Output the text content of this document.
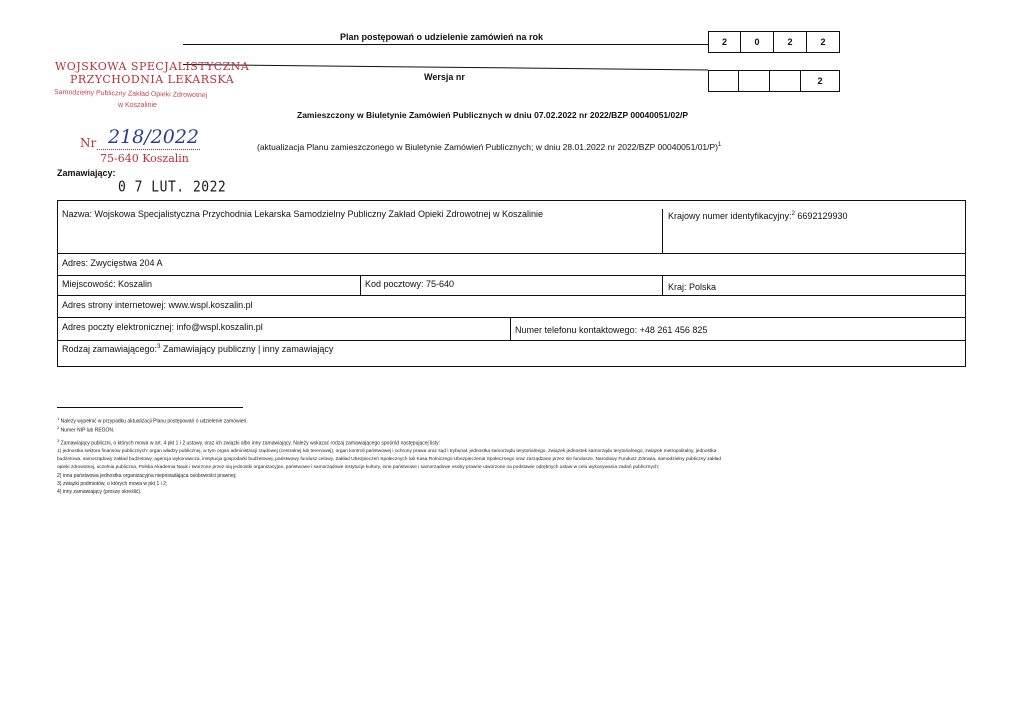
Plan postępowań o udzielenie zamówień na rok	2	0	2	2
Wersja nr	2
Zamieszczony w Biuletynie Zamówień Publicznych w dniu 07.02.2022 nr 2022/BZP 00040051/02/P
(aktualizacja Planu zamieszczonego w Biuletynie Zamówień Publicznych; w dniu 28.01.2022 nr 2022/BZP 00040051/01/P)$^1$
WOJSKOWA SPECJALISTYCZNA
PRZYCHODNIA LEKARSKA
Samodzielny Publiczny Zakład Opieki Zdrowotnej
w Koszalinie
Nr 218/2022
75-640 Koszalin
Zamawiający:
0 7 LUT. 2022
Nazwa: Wojskowa Specjalistyczna Przychodnia Lekarska Samodzielny Publiczny Zakład Opieki Zdrowotnej w Koszalinie	Krajowy numer identyfikacyjny:$^2$ 6692129930
Adres: Zwycięstwa 204 A
Miejscowość: Koszalin	Kod pocztowy: 75-640	Kraj: Polska
Adres strony internetowej: www.wspl.koszalin.pl
Adres poczty elektronicznej: info@wspl.koszalin.pl	Numer telefonu kontaktowego: +48 261 456 825
Rodzaj zamawiającego:$^3$ Zamawiający publiczny | inny zamawiający
$^1$ Należy wypełnić w przypadku aktualizacji Planu postępowań o udzielenie zamówień.
$^2$ Numer NIP lub REGON.
$^3$ Zamawiający publiczni, o których mowa w art. 4 pkt 1 i 2 ustawy, oraz ich związki albo inny zamawiający. Należy wskazać rodzaj zamawiającego spośród następującej listy:
1) jednostka sektora finansów publicznych: organ władzy publicznej, w tym organ administracji rządowej (centralnej lub terenowej), organ kontroli państwowej i ochrony prawa oraz sąd i trybunał, jednostka samorządu terytorialnego, związek jednostek samorządu terytorialnego, związek metropolitalny, jednostka
budżetowa, samorządowy zakład budżetowy, agencja wykonawcza, instytucja gospodarki budżetowej, państwowy fundusz celowy, Zakład Ubezpieczeń Społecznych lub Kasa Rolniczego Ubezpieczenia Społecznego oraz zarządzane przez nie fundusze, Narodowy Fundusz Zdrowia, samodzielny publiczny zakład
opieki zdrowotnej, uczelnia publiczna, Polska Akademia Nauk i tworzone przez nią jednostki organizacyjne, państwowe i samorządowe instytucje kultury, inne państwowe i samorządowe osoby prawne utworzone na podstawie odrębnych ustaw w celu wykonywania zadań publicznych;
2) inna państwowa jednostka organizacyjna nieposiadająca osobowości prawnej;
3) związki podmiotów, o których mowa w pkt 1 i 2;
4) inny zamawiający (proszę określić).
